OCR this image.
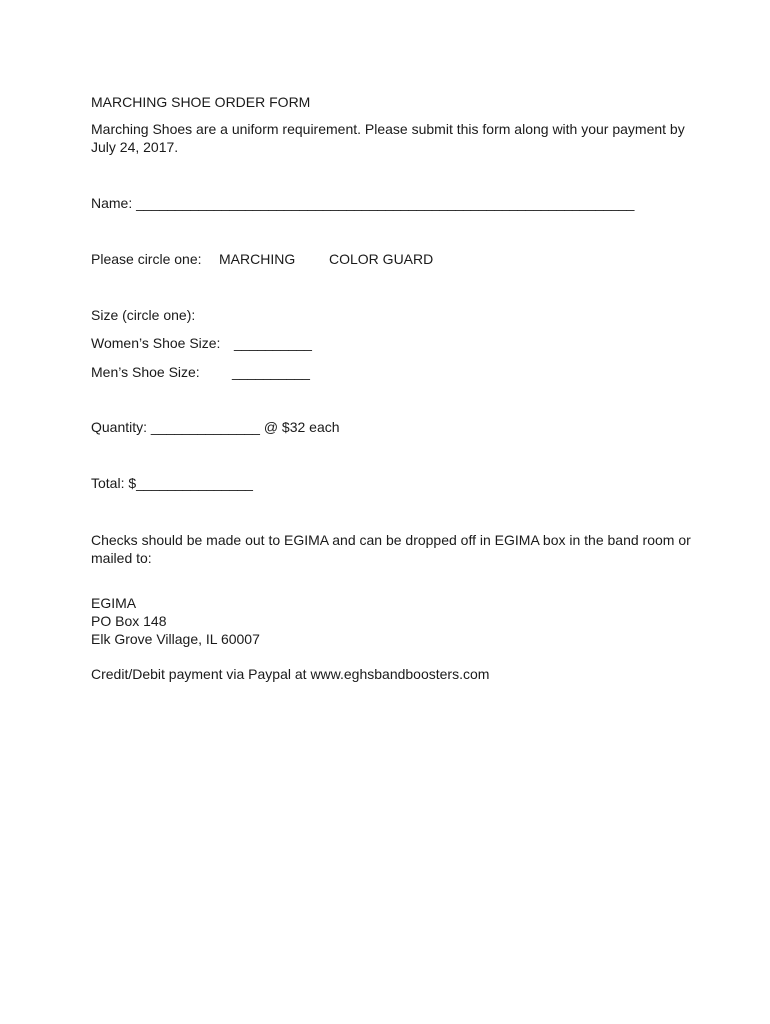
MARCHING SHOE ORDER FORM
Marching Shoes are a uniform requirement. Please submit this form along with your payment by July 24, 2017.
Name: ________________________________________________________________
Please circle one: MARCHING COLOR GUARD
Size (circle one):
Women’s Shoe Size: __________
Men’s Shoe Size: __________
Quantity: ______________ @ $32 each
Total: $_______________
Checks should be made out to EGIMA and can be dropped off in EGIMA box in the band room or mailed to:
EGIMA
PO Box 148
Elk Grove Village, IL 60007
Credit/Debit payment via Paypal at www.eghsbandboosters.com
